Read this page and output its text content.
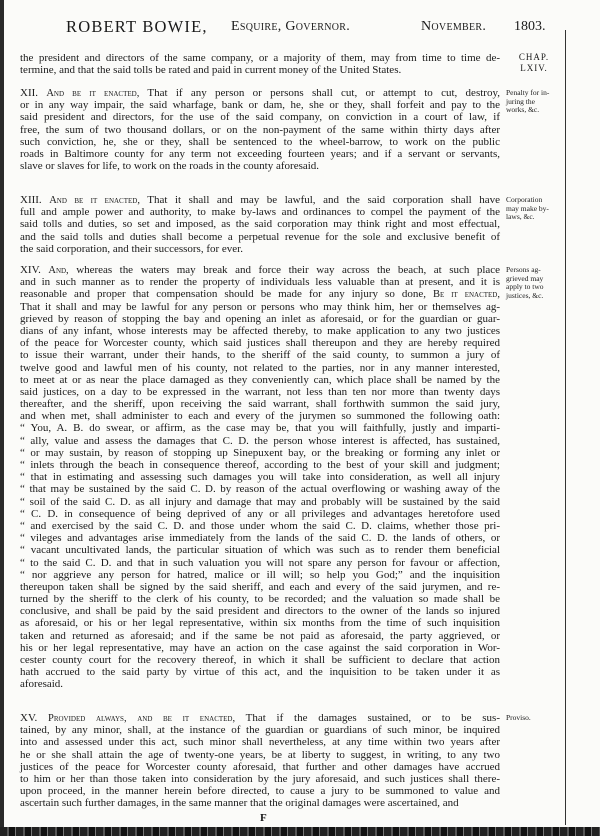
ROBERT BOWIE, Esquire, Governor.	November. 1803.
CHAP.
LXIV.
the president and directors of the same company, or a majority of them, may from time to time de-
termine, and that the said tolls be rated and paid in current money of the United States.
XII. And be it enacted, That if any person or persons shall cut, or attempt to cut, destroy,
or in any way impair, the said wharfage, bank or dam, he, she or they, shall forfeit and pay to the
said president and directors, for the use of the said company, on conviction in a court of law, if
free, the sum of two thousand dollars, or on the non-payment of the same within thirty days after
such conviction, he, she or they, shall be sentenced to the wheel-barrow, to work on the public
roads in Baltimore county for any term not exceeding fourteen years; and if a servant or servants,
slave or slaves for life, to work on the roads in the county aforesaid.
XIII. And be it enacted, That it shall and may be lawful, and the said corporation shall have
full and ample power and authority, to make by-laws and ordinances to compel the payment of the
said tolls and duties, so set and imposed, as the said corporation may think right and most effectual,
and the said tolls and duties shall become a perpetual revenue for the sole and exclusive benefit of
the said corporation, and their successors, for ever.
XIV. And, whereas the waters may break and force their way across the beach, at such place
and in such manner as to render the property of individuals less valuable than at present, and it is
reasonable and proper that compensation should be made for any injury so done, Be it enacted,
That it shall and may be lawful for any person or persons who may think him, her or themselves ag-
grieved by reason of stopping the bay and opening an inlet as aforesaid, or for the guardian or guar-
dians of any infant, whose interests may be affected thereby, to make application to any two justices
of the peace for Worcester county, which said justices shall thereupon and they are hereby required
to issue their warrant, under their hands, to the sheriff of the said county, to summon a jury of
twelve good and lawful men of his county, not related to the parties, nor in any manner interested,
to meet at or as near the place damaged as they conveniently can, which place shall be named by the
said justices, on a day to be expressed in the warrant, not less than ten nor more than twenty days
thereafter, and the sheriff, upon receiving the said warrant, shall forthwith summon the said jury,
and when met, shall administer to each and every of the jurymen so summoned the following oath:
“ You, A. B. do swear, or affirm, as the case may be, that you will faithfully, justly and imparti-
“ ally, value and assess the damages that C. D. the person whose interest is affected, has sustained,
“ or may sustain, by reason of stopping up Sinepuxent bay, or the breaking or forming any inlet or
“ inlets through the beach in consequence thereof, according to the best of your skill and judgment;
“ that in estimating and assessing such damages you will take into consideration, as well all injury
“ that may be sustained by the said C. D. by reason of the actual overflowing or washing away of the
“ soil of the said C. D. as all injury and damage that may and probably will be sustained by the said
“ C. D. in consequence of being deprived of any or all privileges and advantages heretofore used
“ and exercised by the said C. D. and those under whom the said C. D. claims, whether those pri-
“ vileges and advantages arise immediately from the lands of the said C. D. the lands of others, or
“ vacant uncultivated lands, the particular situation of which was such as to render them beneficial
“ to the said C. D. and that in such valuation you will not spare any person for favour or affection,
“ nor aggrieve any person for hatred, malice or ill will; so help you God;” and the inquisition
thereupon taken shall be signed by the said sheriff, and each and every of the said jurymen, and re-
turned by the sheriff to the clerk of his county, to be recorded; and the valuation so made shall be
conclusive, and shall be paid by the said president and directors to the owner of the lands so injured
as aforesaid, or his or her legal representative, within six months from the time of such inquisition
taken and returned as aforesaid; and if the same be not paid as aforesaid, the party aggrieved, or
his or her legal representative, may have an action on the case against the said corporation in Wor-
cester county court for the recovery thereof, in which it shall be sufficient to declare that action
hath accrued to the said party by virtue of this act, and the inquisition to be taken under it as
aforesaid.
XV. Provided always, and be it enacted, That if the damages sustained, or to be sus-
tained, by any minor, shall, at the instance of the guardian or guardians of such minor, be inquired
into and assessed under this act, such minor shall nevertheless, at any time within two years after
he or she shall attain the age of twenty-one years, be at liberty to suggest, in writing, to any two
justices of the peace for Worcester county aforesaid, that further and other damages have accrued
to him or her than those taken into consideration by the jury aforesaid, and such justices shall there-
upon proceed, in the manner herein before directed, to cause a jury to be summoned to value and
ascertain such further damages, in the same manner that the original damages were ascertained, and
F
Penalty for in-
juring the
works, &c.
Corporation
may make by-
laws, &c.
Persons ag-
grieved may
apply to two
justices, &c.
Proviso.
